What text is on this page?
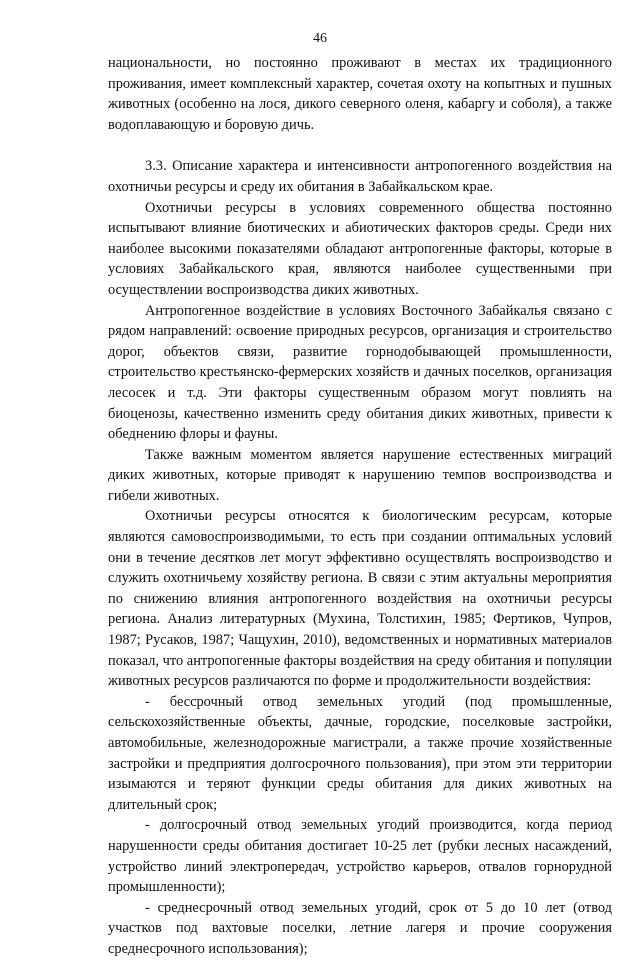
46

национальности, но постоянно проживают в местах их традиционного проживания, имеет комплексный характер, сочетая охоту на копытных и пушных животных (особенно на лося, дикого северного оленя, кабаргу и соболя), а также водоплавающую и боровую дичь.

3.3. Описание характера и интенсивности антропогенного воздействия на охотничьи ресурсы и среду их обитания в Забайкальском крае.

Охотничьи ресурсы в условиях современного общества постоянно испытывают влияние биотических и абиотических факторов среды. Среди них наиболее высокими показателями обладают антропогенные факторы, которые в условиях Забайкальского края, являются наиболее существенными при осуществлении воспроизводства диких животных.

Антропогенное воздействие в условиях Восточного Забайкалья связано с рядом направлений: освоение природных ресурсов, организация и строительство дорог, объектов связи, развитие горнодобывающей промышленности, строительство крестьянско-фермерских хозяйств и дачных поселков, организация лесосек и т.д. Эти факторы существенным образом могут повлиять на биоценозы, качественно изменить среду обитания диких животных, привести к обеднению флоры и фауны.

Также важным моментом является нарушение естественных миграций диких животных, которые приводят к нарушению темпов воспроизводства и гибели животных.

Охотничьи ресурсы относятся к биологическим ресурсам, которые являются самовоспроизводимыми, то есть при создании оптимальных условий они в течение десятков лет могут эффективно осуществлять воспроизводство и служить охотничьему хозяйству региона. В связи с этим актуальны мероприятия по снижению влияния антропогенного воздействия на охотничьи ресурсы региона. Анализ литературных (Мухина, Толстихин, 1985; Фертиков, Чупров, 1987; Русаков, 1987; Чащухин, 2010), ведомственных и нормативных материалов показал, что антропогенные факторы воздействия на среду обитания и популяции животных ресурсов различаются по форме и продолжительности воздействия:

- бессрочный отвод земельных угодий (под промышленные, сельскохозяйственные объекты, дачные, городские, поселковые застройки, автомобильные, железнодорожные магистрали, а также прочие хозяйственные застройки и предприятия долгосрочного пользования), при этом эти территории изымаются и теряют функции среды обитания для диких животных на длительный срок;

- долгосрочный отвод земельных угодий производится, когда период нарушенности среды обитания достигает 10-25 лет (рубки лесных насаждений, устройство линий электропередач, устройство карьеров, отвалов горнорудной промышленности);

- среднесрочный отвод земельных угодий, срок от 5 до 10 лет (отвод участков под вахтовые поселки, летние лагеря и прочие сооружения среднесрочного использования);
